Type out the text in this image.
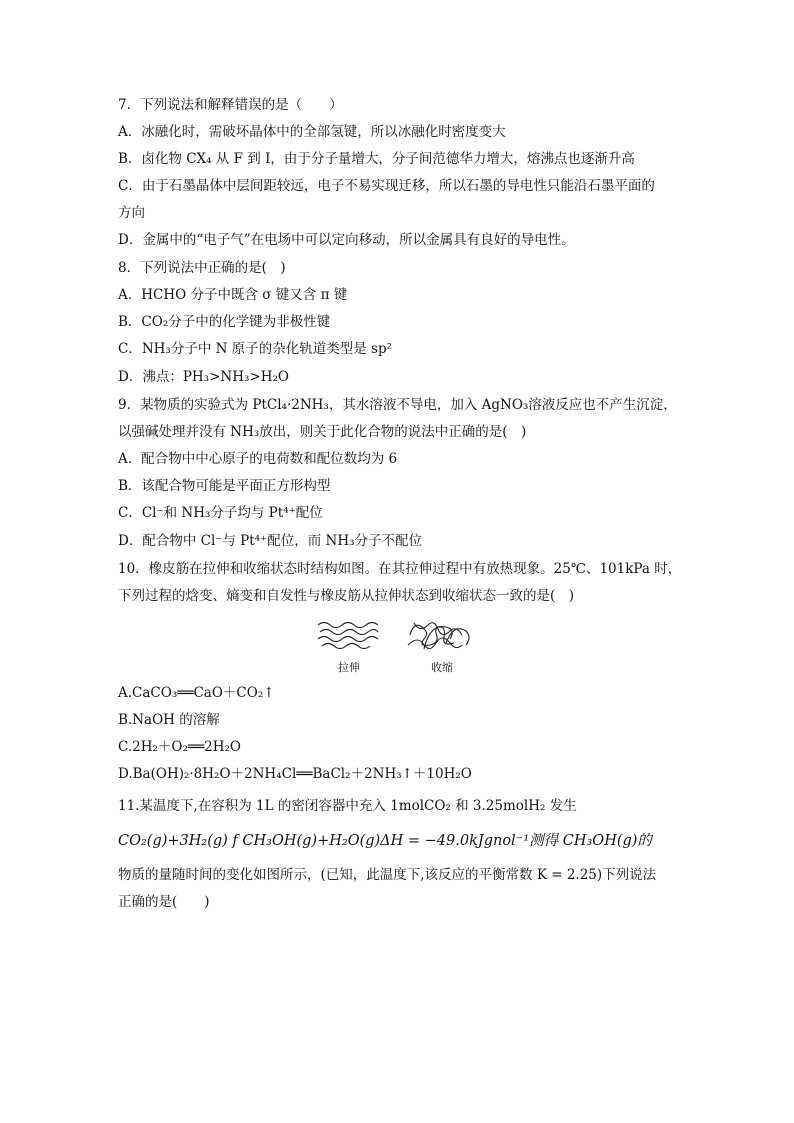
7．下列说法和解释错误的是（　　）
A．冰融化时，需破坏晶体中的全部氢键，所以冰融化时密度变大
B．卤化物 CX₄ 从 F 到 I，由于分子量增大，分子间范德华力增大，熔沸点也逐渐升高
C．由于石墨晶体中层间距较远，电子不易实现迁移，所以石墨的导电性只能沿石墨平面的
方向
D．金属中的“电子气”在电场中可以定向移动，所以金属具有良好的导电性。
8．下列说法中正确的是(　)
A．HCHO 分子中既含 σ 键又含 π 键
B．CO₂分子中的化学键为非极性键
C．NH₃分子中 N 原子的杂化轨道类型是 sp²
D．沸点：PH₃>NH₃>H₂O
9．某物质的实验式为 PtCl₄·2NH₃，其水溶液不导电，加入 AgNO₃溶液反应也不产生沉淀，
以强碱处理并没有 NH₃放出，则关于此化合物的说法中正确的是(　)
A．配合物中中心原子的电荷数和配位数均为 6
B．该配合物可能是平面正方形构型
C．Cl⁻和 NH₃分子均与 Pt⁴⁺配位
D．配合物中 Cl⁻与 Pt⁴⁺配位，而 NH₃分子不配位
10．橡皮筋在拉伸和收缩状态时结构如图。在其拉伸过程中有放热现象。25℃、101kPa 时，
下列过程的焓变、熵变和自发性与橡皮筋从拉伸状态到收缩状态一致的是(　)
拉伸	收缩
A.CaCO₃══CaO＋CO₂↑
B.NaOH 的溶解
C.2H₂＋O₂══2H₂O
D.Ba(OH)₂·8H₂O＋2NH₄Cl══BaCl₂＋2NH₃↑＋10H₂O
11.某温度下,在容积为 1L 的密闭容器中充入 1molCO₂ 和 3.25molH₂ 发生
CO₂(g)+3H₂(g) f CH₃OH(g)+H₂O(g)ΔH = −49.0kJgnol⁻¹测得 CH₃OH(g)的
物质的量随时间的变化如图所示，(已知，此温度下,该反应的平衡常数 K = 2.25)下列说法
正确的是(　　)
